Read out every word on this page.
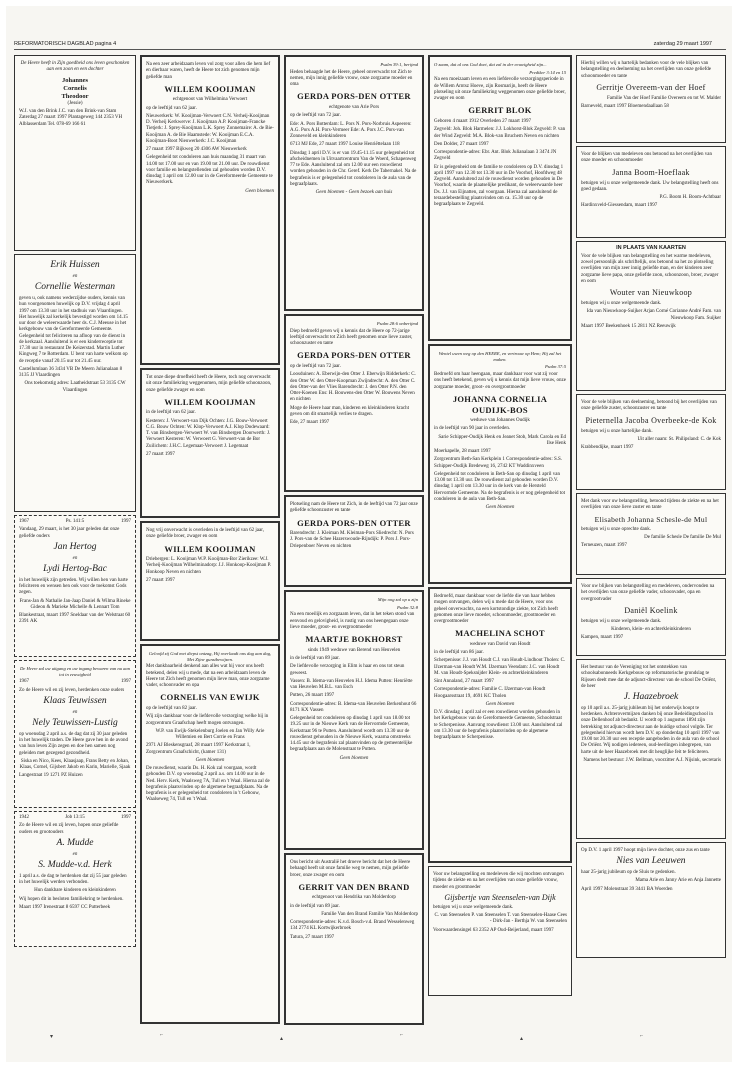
REFORMATORISCH DAGBLAD pagina 4	zaterdag 29 maart 1997

De Heere heeft in Zijn goedheid ons leven geschonken aan een zoon en een dochter

Johannes
Cornelis
Theodoor
(Jessie)

W.J. van den Brink J.C. van den Brink-van Stam Zaterdag 27 maart 1997 Plantageweg 144 2353 VH Alblasserdam Tel. 078-69 166 61

Erik Huissen
en
Cornellie Westerman

geven u, ook namens wederzijdse ouders, kennis van hun voorgenomen huwelijk op D.V. vrijdag 4 april 1997 om 13.30 uur in het stadhuis van Vlaardingen. Het huwelijk zal kerkelijk bevestigd worden om 14.15 uur door de weleerwaarde heer ds. C.J. Meeuse in het kerkgebouw van de Gereformeerde Gemeente. Gelegenheid tot feliciteren na afloop van de dienst in de kerkzaal. Aansluitend is er een kinderreceptie tot 17.30 uur in restaurant De Keizerstad. Martin Luther Kingweg 7 te Rotterdam. U bent van harte welkom op de receptie vanaf 20.15 uur tot 21.45 uur.

Castellumlaan 36 3434 VB De Meern Julianalaan 8 3135 JJ Vlaardingen

Ons toekomstig adres: Laatheidstraat 53 3135 CW Vlaardingen

1967	Ps. 141:5	1997

Vandaag, 29 maart, is het 30 jaar geleden dat onze geliefde ouders

Jan Hertog
en
Lydi Hertog-Bac

in het huwelijk zijn getreden. Wij willen hen van harte feliciteren en wensen hen ook voor de toekomst Gods zegen.

Frans-Jan & Nathalie Jan-Jaap Daniel & Wilma Rineke Gideon & Marieke Michelle & Lennart Tom

Blankestraat, maart 1997 Sneldaar van der Welstraat 60 2391 AK

De Heere zal uw uitgang en uw ingang bewaren van nu aan tot in eeuwigheid

1967	1997

Zo de Heere wil en zij leven, herdenken onze ouders

Klaas Teuwissen
en
Nely Teuwissen-Lustig

op woensdag 2 april a.s. de dag dat zij 30 jaar geleden in het huwelijk traden. De Heere gave hen in de avond van hun leven Zijn zegen en doe hen samen nog geleiden met gezegend gezondheid.

Siska en Nico, Kees, Klaasjaap, Frans Betty en Johan, Klaas, Cornel, Gijsbert Jakob en Karin, Marielle, Sjaak

Langestraat 19 1271 PZ Huizen

1942	Job 13:15	1997

Zo de Heere wil en zij leven, hopen onze geliefde ouders en grootouders

A. Mudde
en
S. Mudde-v.d. Herk

1 april a.s. de dag te herdenken dat zij 55 jaar geleden in het huwelijk werden verbonden.

Hun dankbare kinderen en kleinkinderen

Wij hopen dit in besloten familiekring te herdenken.

Maart 1997 Irenestraat 8 6597 CC Putterbeek

Na een zeer arbeidzaam leven vol zorg voor allen die hem lief en dierbaar waren, heeft de Heere tot zich genomen mijn geliefde man

WILLEM KOOIJMAN

echtgenoot van Wilhelmina Verwoert

op de leeftijd van 62 jaar.

Nieuwerkerk: W. Kooijman-Verwoert C.N. Verheij-Kooijman D. Verheij Kerkwerve: J. Kooijman A.P. Kooijman-Francke Tietjerk: J. Sprey-Kooijman L.K. Sprey Zonnemaire: A. de Bie-Kooijman A. de Bie Haamstede: W. Kooijman E.C.A. Kooijman-Boot Nieuwerkerk: J.C. Kooijman

27 maart 1997 Bijkweg 20 4306 AW Nieuwerkerk

Gelegenheid tot condoleren aan huis maandag 31 maart van 14.00 tot 17.00 uur en van 19.00 tot 21.00 uur. De rouwdienst voor familie en belangstellenden zal gehouden worden D.V. dinsdag 1 april om 12.00 uur in de Gereformeerde Gemeente te Nieuwerkerk.

Geen bloemen

Tot onze diepe droefheid heeft de Heere, toch nog onverwacht uit onze familiekring weggenomen, mijn geliefde schoonzoon, onze geliefde zwager en oom

WILLEM KOOIJMAN

in de leeftijd van 62 jaar.

Kesteren: J. Verwoert-van Dijk Ochten: J.G. Bouw-Verwoert C.G. Bouw Ochten: W. Klop-Verwoert A.J. Klop Dodewaard: T. van Binsbergen-Verwoert W. van Binsbergen Doorwerth: J. Verwoert Kesteren: W. Verwoert G. Verwoert-van de Bor Zuilichem: J.H.C. Legemaat-Verwoert J. Legemaat

27 maart 1997

Nog vrij onverwacht is overleden in de leeftijd van 62 jaar, onze geliefde broer, zwager en oom

WILLEM KOOIJMAN

Driebergen: L. Kooijman W.P. Kooijman-Bor Zierikzee: W.J. Verheij-Kooijman Wilhelminadorp: J.J. Honkoop-Kooijman P. Honkoop Neven en nichten

27 maart 1997

Geloofd zij God met diepst ontzag, Hij overlaadt ons dag aan dag, Met Zijne gunstbewijzen.

Met dankbaarheid denkend aan alles wat hij voor ons heeft betekend, delen wij u mede, dat na een arbeidzaam leven de Heere tot Zich heeft genomen mijn lieve man, onze zorgzame vader, schoonvader en opa

CORNELIS VAN EWIJK

op de leeftijd van 82 jaar.

Wij zijn dankbaar voor de liefdevolle verzorging welke hij in zorgcentrum Graafschap heeft mogen ontvangen.

W.P. van Ewijk-Stekelenburg Joelen en Jan Willy Arie Willemien en Bert Corrie en Frans

2971 AJ Bleskensgraaf, 28 maart 1997 Kerkstraat 1, Zorgcentrum Graafschicht, (kamer 131)

Geen bloemen

De rouwdienst, waarin Ds. H. Kok zal voorgaan, wordt gehouden D.V. op woensdag 2 april a.s. om 14.00 uur in de Ned. Herv. Kerk, Waalsweg 7A, Tull en 't Waal. Hierna zal de begrafenis plaatsvinden op de algemene begraafplaats. Na de begrafenis is er gelegenheid tot condoleren in 't Gebouw, Waalseweg 74, Tull en 't Waal.

Psalm 39:1, berijmd

Heden behaagde het de Heere, geheel onverwacht tot Zich te nemen, mijn innig geliefde vrouw, onze zorgzame moeder en oma

GERDA PORS-DEN OTTER

echtgenote van Arie Pors

op de leeftijd van 72 jaar.

Ede: A. Pors Botterdam: L. Pors N. Pors-Norbruis Aspeeren: A.G. Pors A.H. Pors-Vermeer Ede: A. Pors J.C. Pors-van Zonneveld en kleinkinderen

6713 MJ Ede, 27 maart 1997 Louise Henriëttelaan 118

Dinsdag 1 april D.V. is er van 19.45-11.15 uur gelegenheid tot afscheidnemen in Uitvaartcentrum Van de Woerd, Schapenweg 77 te Ede. Aansluitend zal om 12.00 uur een rouwdienst worden gehouden in de Chr. Geref. Kerk De Tabernakel. Na de begrafenis is er gelegenheid tot condoleren in de aula van de begraafplaats.

Geen bloemen - Geen bezoek aan huis

Psalm 28:6 onberijmd

Diep bedroefd geven wij u kennis dat de Heere op 72-jarige leeftijd onverwacht tot Zich heeft genomen onze lieve zuster, schoonzuster en tante

GERDA PORS-DEN OTTER

op de leeftijd van 72 jaar.

Loosduinen: A. Eberwijn-den Otter J. Eberwijn Ridderkerk: C. den Otter W. den Otter-Koopman Zwijndrecht: A. den Otter C. den Otter-van der Vlies Barendrecht: J. den Otter P.N. den Otter-Koenen Ens: H. Bouwens-den Otter W. Bouwens Neven en nichten

Moge de Heere haar man, kinderen en kleinkinderen kracht geven om dit smartelijk verlies te dragen.

Ede, 27 maart 1997

Plotseling nam de Heere tot Zich, in de leeftijd van 72 jaar onze geliefde schoonzuster en tante

GERDA PORS-DEN OTTER

Barendrecht: J. Kleiman M. Kleiman-Pors Sliedrecht: N. Pors J. Pors-van de Schee Hazerswoude-Rijndijk: P. Pors J. Pors-Driepenboer Neven en nichten

Mijn oog zal op u zijn

Psalm 32:8

Na een moeilijk en zorgzaam leven, dat in het teken stond van eenvoud en gelovigheid, is rustig van ons heengegaan onze lieve moeder, groot- en overgrootmoeder

MAARTJE BOKHORST

sinds 1949 weduwe van Berend van Heuvelen

in de leeftijd van 89 jaar.

De liefdevolle verzorging in Elim is haar en ons tot steun geweest.

Vassen: B. Idema-van Heuvelen H.J. Idema Putten: Henriëtte van Heuvelen M.B.L. van Esch

Putten, 26 maart 1997

Correspondentie-adres: B. Idema-van Heuvelen Berkenhout 66 8171 KX Vassen

Gelegenheid tot condoleren op dinsdag 1 april van 18.00 tot 19.25 uur in de Nieuwe Kerk van de Hervormde Gemeente, Kerkstraat 96 te Putten. Aansluitend wordt om 13.30 uur de rouwdienst gehouden in de Nieuwe Kerk, waarna omstreeks 14.45 uur de begrafenis zal plaatsvinden op de gemeentelijke begraafplaats aan de Molenstraat te Putten.

Geen bloemen

Ons bericht uit Australië het droeve bericht dat het de Heere behaagd heeft uit onze familie weg te nemen, mijn geliefde broer, onze zwager en oom

GERRIT VAN DEN BRAND

echtgenoot van Hendrika van Molderdorp

in de leeftijd van 89 jaar.

Familie Van den Brand Familie Van Molderdorp

Correspondentie-adres: K.v.d. Bosch-v.d. Brand Wesselenweg 134 2774 KL Kortwijkerbroek

Tatura, 27 maart 1997

O zaam, dat al ons God doet, dat zal in der eeuwigheid zijn...

Prediker 3:14 en 15

Na een moeizaam leven en een liefdevolle verzorgingsperiode in de Willem Arntsz Hoeve, zijn Rosmarijn, heeft de Heere plotseling uit onze familiekring weggenomen onze geliefde broer, zwager en oom

GERRIT BLOK

Geboren 4 maart 1912 Overleden 27 maart 1997

Zegveld: Joh. Blok Harmelen: J.J. Lokhorst-Blok Zegveld: P. van der Wind Zegveld: M.A. Blok-van Bruchem Neven en nichten

Den Dolder, 27 maart 1997

Correspondentie-adres: Ebr. Ant. Blok Julianalaan 3 3474 JN Zegveld

Er is gelegenheid om de familie te condoleren op D.V. dinsdag 1 april 1997 van 12.30 tot 13.30 uur in De Voorhof, Hoofdweg 48 Zegveld. Aansluitend zal de rouwdienst worden gehouden in De Voorhof, waarin de plaatselijke predikant, de weleerwaarde heer Ds. J.J. van Eijnatten, zal voorgaan. Hierna zal aansluitend de teraardebestelling plaatsvinden om ca. 15.30 uur op de begraafplaats te Zegveld.

Wentel uwen weg op den HEERE, en vertrouw op Hem; Hij zal het maken.

Psalm 37:5

Bedroefd om haar heengaan, maar dankbaar voor wat zij voor ons heeft betekend, geven wij u kennis dat mijn lieve vrouw, onze zorgzame moeder, groot- en overgrootmoeder

JOHANNA CORNELIA OUDIJK-BOS

weduwe van Johannes Oudijk

in de leeftijd van 90 jaar in overleden.

Sarie Schipper-Oudijk Henk en Jeanet Stob, Mark Carola en Ed Ilse Henk

Moerkapelle, 28 maart 1997

Zorgcentrum Beth-San Kerkplein 1 Correspondentie-adres: S.S. Schipper-Oudijk Bredeweg 16, 2742 KT Waddinxveen

Gelegenheid tot condoleren in Beth-San op dinsdag 1 april van 13.00 tot 13.30 uur. De rouwdienst zal gehouden worden D.V. dinsdag 1 april om 13.30 uur in de kerk van de Hersteld Hervormde Gemeente. Na de begrafenis is er nog gelegenheid tot condoleren in de aula van Beth-San.

Geen bloemen

Bedroefd, maar dankbaar voor de liefde die van haar hebben mogen ontvangen, delen wij u mede dat de Heere, voor ons geheel onverwachts, na een kortstondige ziekte, tot Zich heeft genomen onze lieve moeder, schoonmoeder, grootmoeder en overgrootmoeder

MACHELINA SCHOT

weduwe van David van Houdt

in de leeftijd van 86 jaar.

Scherpenisse: J.J. van Houdt C.J. van Houdt-Lindhout Tholen: C. IJzerman-van Houdt W.M. IJzerman Veendam: J.C. van Houdt M. van Houdt-Speksnijder Klein- en achterkleinkinderen

Sint Annaland, 27 maart 1997

Correspondentie-adres: Familie C. IJzerman-van Houdt Hoogaarsstraat 19, 4691 KC Tholen

Geen bloemen

D.V. dinsdag 1 april zal er een rouwdienst worden gehouden in het Kerkgebouw van de Gereformeerde Gemeente, Schoolstraat te Scherpenisse. Aanvang rouwdienst 13.00 uur. Aansluitend zal om 13.30 uur de begrafenis plaatsvinden op de algemene begraafplaats te Scherpenisse.

Voor uw belangstelling en medeleven die wij mochten ontvangen tijdens de ziekte en na het overlijden van onze geliefde vrouw, moeder en grootmoeder

Gijsbertje van Steenselen-van Dijk

betuigen wij u onze welgemeende dank.

C. van Steenselen P. van Steenselen T. van Steenselen-Haase Cees - Dirk-Jan - Berthja W. van Steenselen

Voorwaardensingel 63 2352 AP Oud-Beijerland, maart 1997

Hierbij willen wij u hartelijk bedanken voor de vele blijken van belangstelling en deelneming na het overlijden van onze geliefde schoonmoeder en tante

Gerritje Overeem-van der Hoef

Familie Van der Hoef Familie Overeem en tot W. Malder

Barneveld, maart 1997 Bloemendaallaan 58

Voor de blijken van medeleven ons betoond na het overlijden van onze moeder en schoonmoeder

Janna Boom-Hoeflaak

betuigen wij u onze welgemeende dank. Uw belangstelling heeft ons goed gedaan.

P.G. Boom H. Boom-Achtbaar

Hardinxveld-Giessendam, maart 1997

IN PLAATS VAN KAARTEN

Voor de vele blijken van belangstelling en het warme medeleven, zowel persoonlijk als schriftelijk, ons betoond na het zo plotseling overlijden van mijn zeer innig geliefde man, en der kinderen zeer zorgzame lieve papa, onze geliefde zoon, schoonzoon, broer, zwager en oom

Wouter van Nieuwkoop

betuigen wij u onze welgemeende dank.

Ida van Nieuwkoop-Suijker Arjan Corné Corianne André Fam. van Nieuwkoop Fam. Suijker

Maart 1997 Beekenhoek 15 2811 NZ Reeuwijk

Voor de vele blijken van deelneming, betoond bij het overlijden van onze geliefde zuster, schoonzuster en tante

Pieternella Jacoba Overbeeke-de Kok

betuigen wij u onze hartelijke dank.

Uit aller naam: St. Philipsland: C. de Kok

Krabbendijke, maart 1997

Met dank voor uw belangstelling, betoond tijdens de ziekte en na het overlijden van onze lieve zuster en tante

Elisabeth Johanna Schesle-de Mul

betuigen wij u onze oprechte dank.

De familie Schesle De familie De Mul

Terneuzen, maart 1997

Voor uw blijken van belangstelling en medeleven, ondervonden na het overlijden van onze geliefde vader, schoonvader, opa en overgrootvader

Daniël Koelink

betuigen wij u onze welgemeende dank.

Kinderen, klein- en achterkleinkinderen

Kampen, maart 1997

Het bestuur van de Vereniging tot het ontstekken van schoolsabonneeds Kerkgebouw op reformatorische grondslag te Rijssen deelt mee dat de adjunct-directeur van de school De Oriënt, de heer

J. Haazebroek

op 10 april a.s. 25-jarig jubileum bij het onderwijs hoopt te herdenken. Achterovermijzen danken bij onze Bedeidingschool in onze Dellenhoof ab bedankt. U wordt op 1 augustus 1894 zijn betrekking tot adjunct-directeur aan de huidige school volgde. Ter gelegenheid hiervan wordt hem D.V. op donderdag 10 april 1997 van 19.00 tot 20.30 uur een receptie aangeboden in de aula van de school De Oriënt. Wij nodigen iedereen, oud-leerlingen inbegrepen, van harte uit de heer Haazebroek met dit heuglijke feit te feliciteren.

Namens het bestuur: J.W. Bellman, voorzitter A.J. Nijsink, secretaris

Op D.V. 1 april 1997 hoopt mijn lieve dochter, onze zus en tante

Nies van Leeuwen

haar 25-jarig jubileum op de Sluis te gedenken.

Mama Arie en Janny Arie en Anja Jannette

April 1997 Molenstraat 39 3441 BA Woerden

▾	⌐
▴
⌐
▴	⌐
